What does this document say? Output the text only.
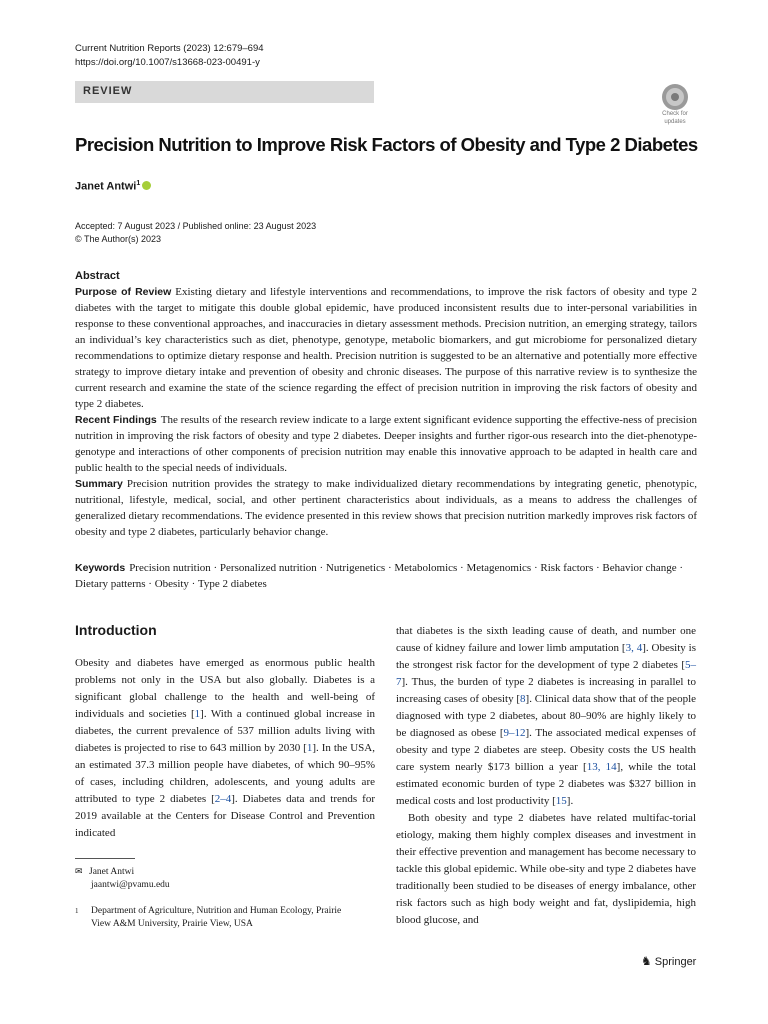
Current Nutrition Reports (2023) 12:679–694
https://doi.org/10.1007/s13668-023-00491-y
REVIEW
Check for
updates
Precision Nutrition to Improve Risk Factors of Obesity and Type 2 Diabetes
Janet Antwi$^1$
Accepted: 7 August 2023 / Published online: 23 August 2023
© The Author(s) 2023
Abstract

Purpose of Review Existing dietary and lifestyle interventions and recommendations, to improve the risk factors of obesity and type 2 diabetes with the target to mitigate this double global epidemic, have produced inconsistent results due to inter-personal variabilities in response to these conventional approaches, and inaccuracies in dietary assessment methods. Precision nutrition, an emerging strategy, tailors an individual’s key characteristics such as diet, phenotype, genotype, metabolic biomarkers, and gut microbiome for personalized dietary recommendations to optimize dietary response and health. Precision nutrition is suggested to be an alternative and potentially more effective strategy to improve dietary intake and prevention of obesity and chronic diseases. The purpose of this narrative review is to synthesize the current research and examine the state of the science regarding the effect of precision nutrition in improving the risk factors of obesity and type 2 diabetes.

Recent Findings The results of the research review indicate to a large extent significant evidence supporting the effective-ness of precision nutrition in improving the risk factors of obesity and type 2 diabetes. Deeper insights and further rigor-ous research into the diet-phenotype-genotype and interactions of other components of precision nutrition may enable this innovative approach to be adapted in health care and public health to the special needs of individuals.

Summary Precision nutrition provides the strategy to make individualized dietary recommendations by integrating genetic, phenotypic, nutritional, lifestyle, medical, social, and other pertinent characteristics about individuals, as a means to address the challenges of generalized dietary recommendations. The evidence presented in this review shows that precision nutrition markedly improves risk factors of obesity and type 2 diabetes, particularly behavior change.

Keywords Precision nutrition · Personalized nutrition · Nutrigenetics · Metabolomics · Metagenomics · Risk factors · Behavior change · Dietary patterns · Obesity · Type 2 diabetes
Introduction

Obesity and diabetes have emerged as enormous public health problems not only in the USA but also globally. Diabetes is a significant global challenge to the health and well-being of individuals and societies [1]. With a continued global increase in diabetes, the current prevalence of 537 million adults living with diabetes is projected to rise to 643 million by 2030 [1]. In the USA, an estimated 37.3 million people have diabetes, of which 90–95% of cases, including children, adolescents, and young adults are attributed to type 2 diabetes [2–4]. Diabetes data and trends for 2019 available at the Centers for Disease Control and Prevention indicated

that diabetes is the sixth leading cause of death, and number one cause of kidney failure and lower limb amputation [3, 4]. Obesity is the strongest risk factor for the development of type 2 diabetes [5–7]. Thus, the burden of type 2 diabetes is increasing in parallel to increasing cases of obesity [8]. Clinical data show that of the people diagnosed with type 2 diabetes, about 80–90% are highly likely to be diagnosed as obese [9–12]. The associated medical expenses of obesity and type 2 diabetes are steep. Obesity costs the US health care system nearly $173 billion a year [13, 14], while the total estimated economic burden of type 2 diabetes was $327 billion in medical costs and lost productivity [15].

Both obesity and type 2 diabetes have related multifac-torial etiology, making them highly complex diseases and investment in their effective prevention and management has become necessary to tackle this global epidemic. While obe-sity and type 2 diabetes have traditionally been studied to be diseases of energy imbalance, other risk factors such as high body weight and fat, dyslipidemia, high blood glucose, and

✉ Janet Antwi
jaantwi@pvamu.edu
1 Department of Agriculture, Nutrition and Human Ecology, Prairie View A&M University, Prairie View, USA
♞ Springer
